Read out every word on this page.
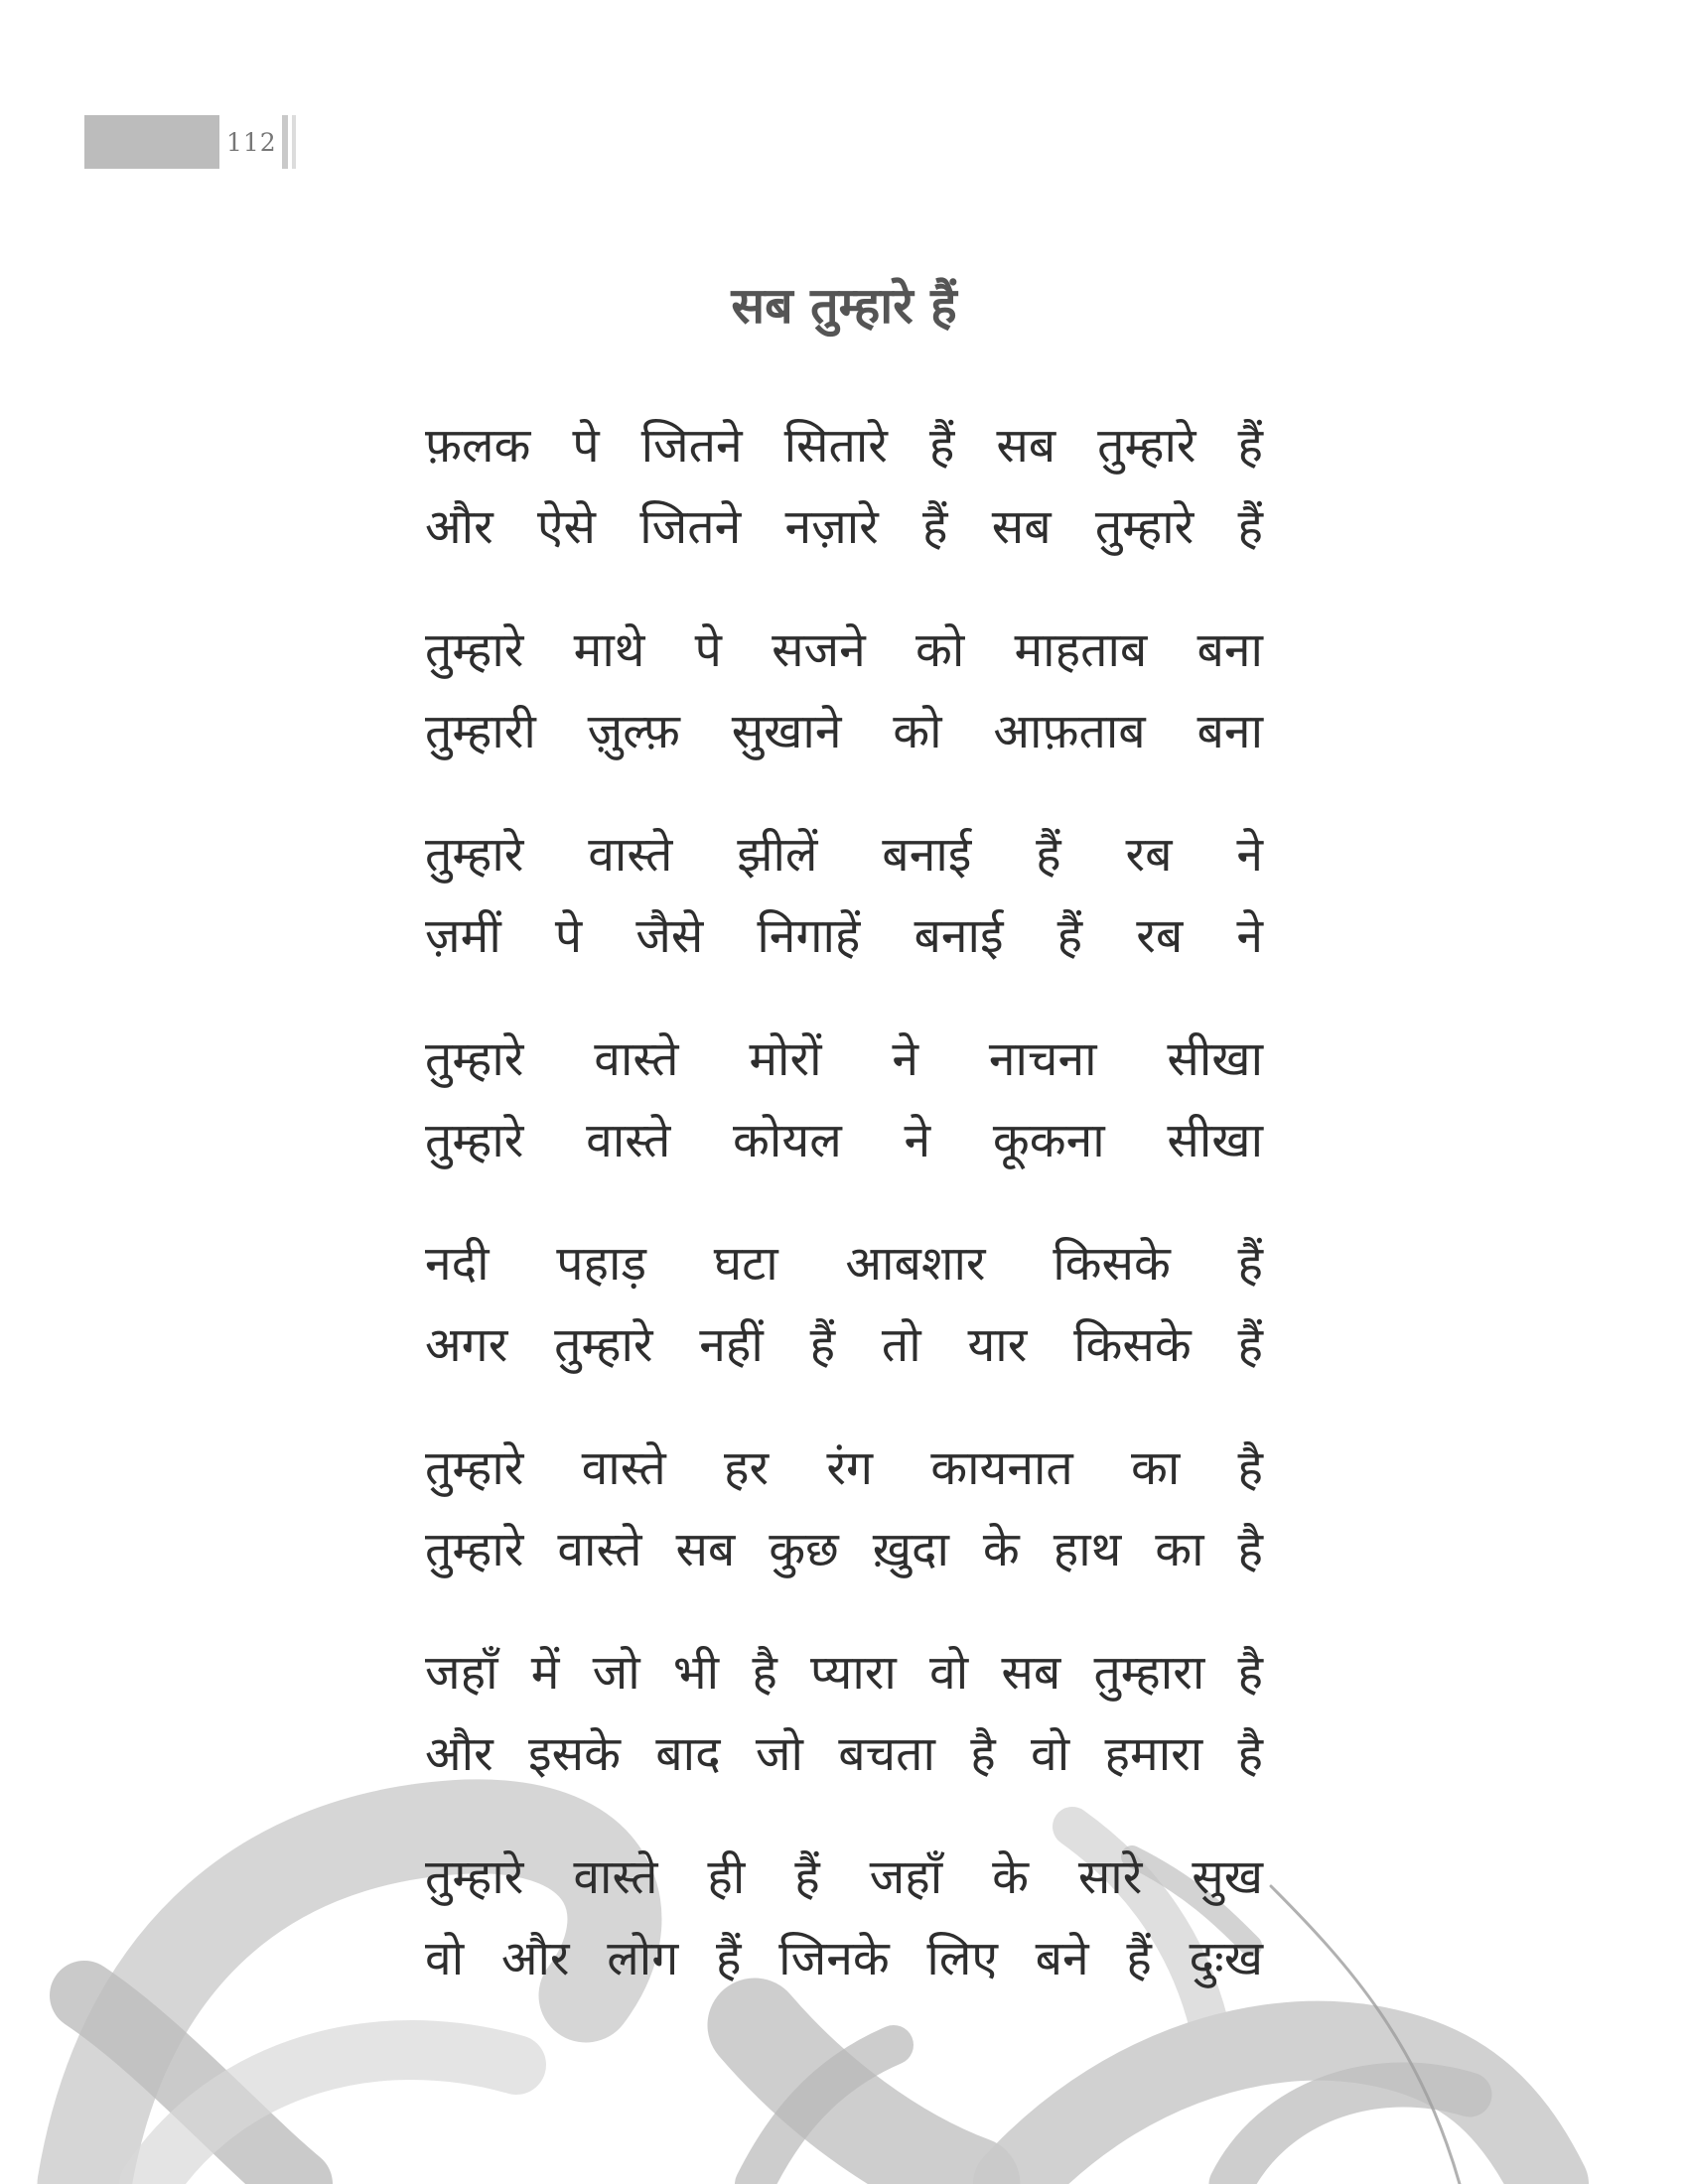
112
सब तुम्हारे हैं
फ़लक पे जितने सितारे हैं सब तुम्हारे हैं
और ऐसे जितने नज़ारे हैं सब तुम्हारे हैं
तुम्हारे माथे पे सजने को माहताब बना
तुम्हारी ज़ुल्फ़ सुखाने को आफ़ताब बना
तुम्हारे वास्ते झीलें बनाई हैं रब ने
ज़मीं पे जैसे निगाहें बनाई हैं रब ने
तुम्हारे वास्ते मोरों ने नाचना सीखा
तुम्हारे वास्ते कोयल ने कूकना सीखा
नदी पहाड़ घटा आबशार किसके हैं
अगर तुम्हारे नहीं हैं तो यार किसके हैं
तुम्हारे वास्ते हर रंग कायनात का है
तुम्हारे वास्ते सब कुछ ख़ुदा के हाथ का है
जहाँ में जो भी है प्यारा वो सब तुम्हारा है
और इसके बाद जो बचता है वो हमारा है
तुम्हारे वास्ते ही हैं जहाँ के सारे सुख
वो और लोग हैं जिनके लिए बने हैं दुःख
